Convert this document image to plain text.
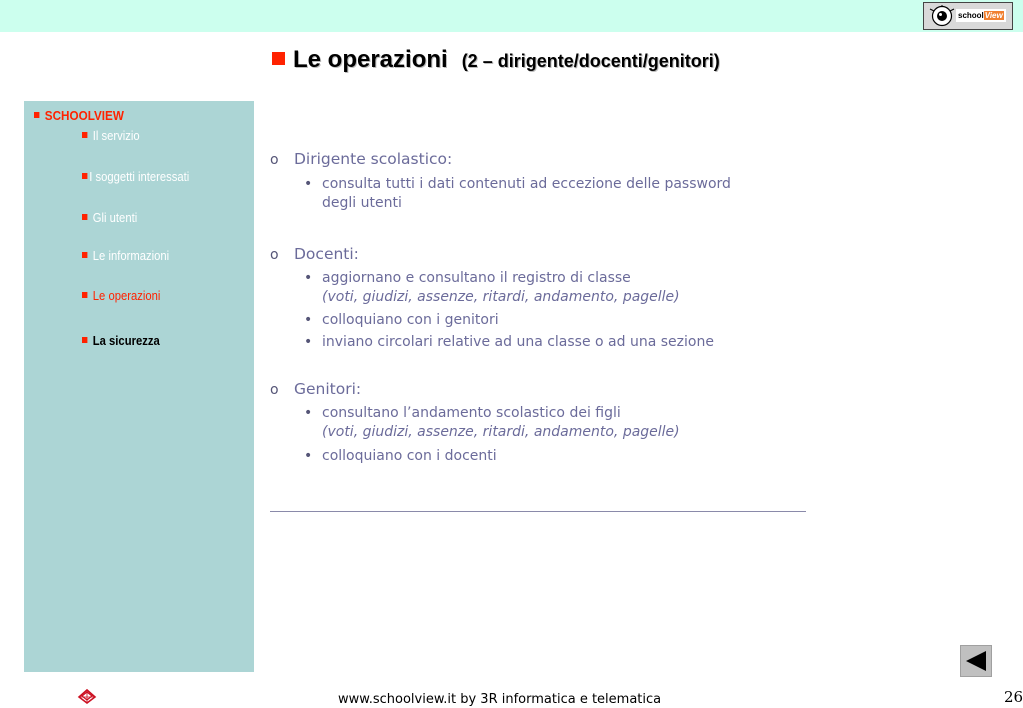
schoolView
Le operazioni (2 – dirigente/docenti/genitori)
SCHOOLVIEW
Il servizio
I soggetti interessati
Gli utenti
Le informazioni
Le operazioni
La sicurezza
o Dirigente scolastico:
• consulta tutti i dati contenuti ad eccezione delle password
degli utenti
o Docenti:
• aggiornano e consultano il registro di classe
(voti, giudizi, assenze, ritardi, andamento, pagelle)
• colloquiano con i genitori
• inviano circolari relative ad una classe o ad una sezione
o Genitori:
• consultano l’andamento scolastico dei figli
(voti, giudizi, assenze, ritardi, andamento, pagelle)
• colloquiano con i docenti
www.schoolview.it by 3R informatica e telematica	26
